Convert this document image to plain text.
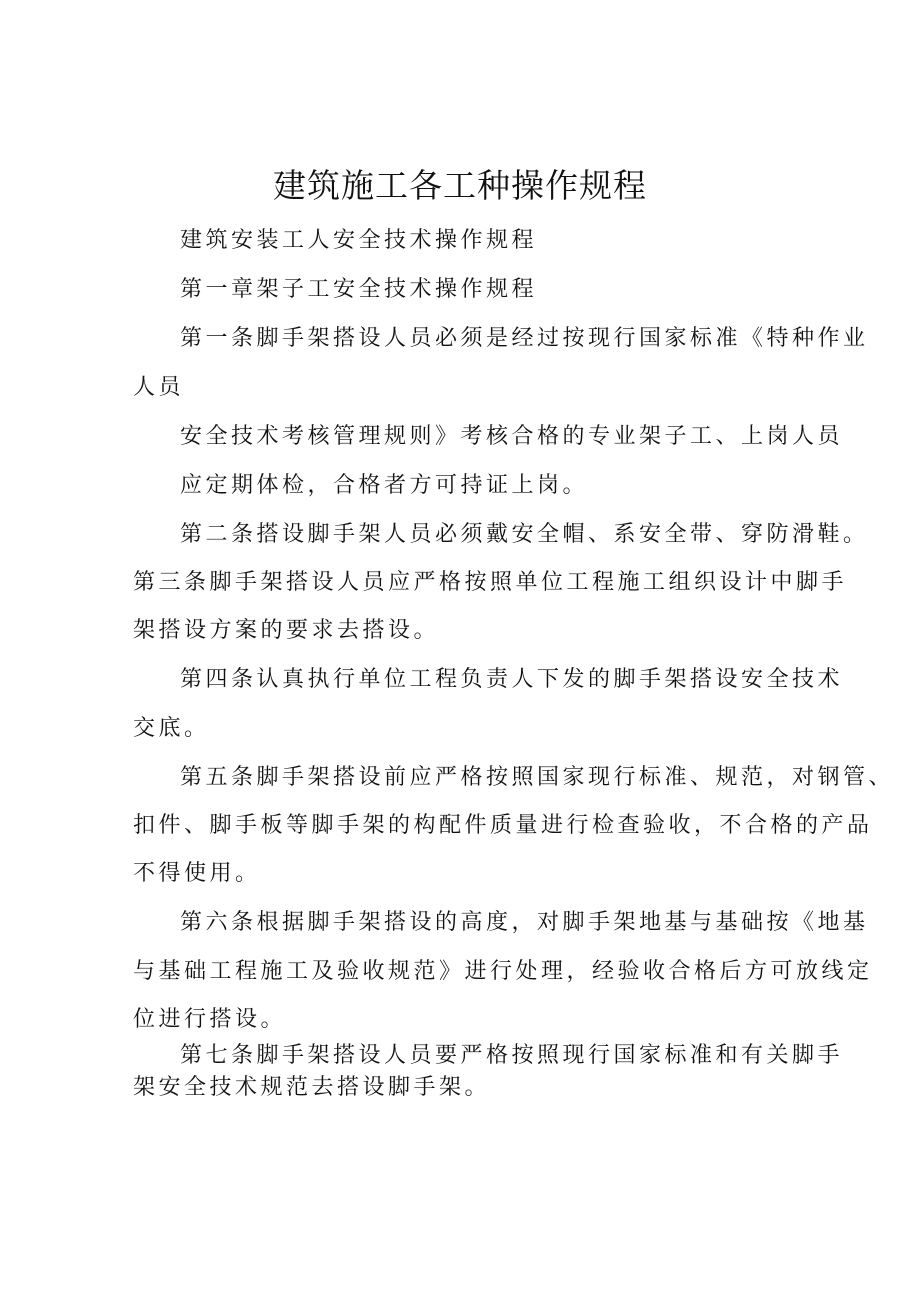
建筑施工各工种操作规程
建筑安装工人安全技术操作规程
第一章架子工安全技术操作规程
第一条脚手架搭设人员必须是经过按现行国家标准《特种作业
人员
安全技术考核管理规则》考核合格的专业架子工、上岗人员
应定期体检，合格者方可持证上岗。
第二条搭设脚手架人员必须戴安全帽、系安全带、穿防滑鞋。
第三条脚手架搭设人员应严格按照单位工程施工组织设计中脚手
架搭设方案的要求去搭设。
第四条认真执行单位工程负责人下发的脚手架搭设安全技术
交底。
第五条脚手架搭设前应严格按照国家现行标准、规范，对钢管、
扣件、脚手板等脚手架的构配件质量进行检查验收，不合格的产品
不得使用。
第六条根据脚手架搭设的高度，对脚手架地基与基础按《地基
与基础工程施工及验收规范》进行处理，经验收合格后方可放线定
位进行搭设。
第七条脚手架搭设人员要严格按照现行国家标准和有关脚手
架安全技术规范去搭设脚手架。
